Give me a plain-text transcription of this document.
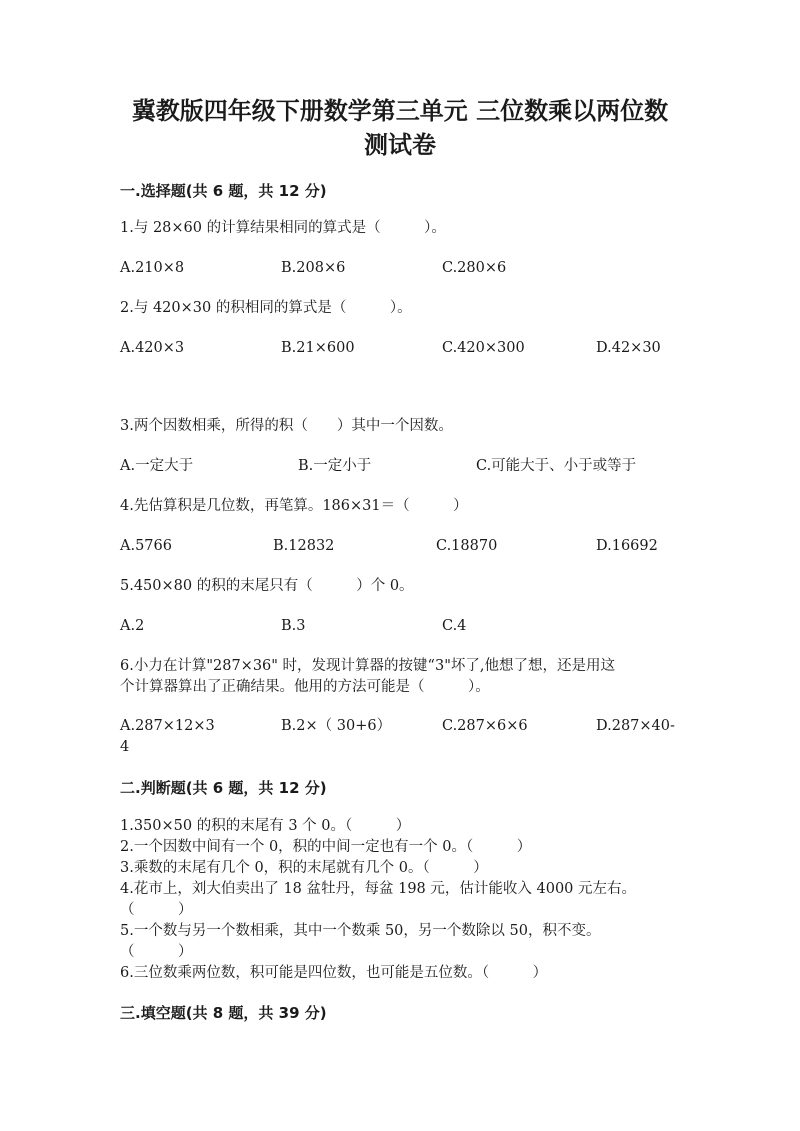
冀教版四年级下册数学第三单元 三位数乘以两位数
测试卷
一.选择题(共 6 题，共 12 分)
1.与 28×60 的计算结果相同的算式是（　　　）。
A.210×8	B.208×6	C.280×6
2.与 420×30 的积相同的算式是（　　　）。
A.420×3	B.21×600	C.420×300	D.42×30
3.两个因数相乘，所得的积（　　）其中一个因数。
A.一定大于	B.一定小于	C.可能大于、小于或等于
4.先估算积是几位数，再笔算。186×31＝（　　　）
A.5766	B.12832	C.18870	D.16692
5.450×80 的积的末尾只有（　　　）个 0。
A.2	B.3	C.4
6.小力在计算"287×36" 时，发现计算器的按键“3"坏了,他想了想，还是用这
个计算器算出了正确结果。他用的方法可能是（　　　）。
A.287×12×3	B.2×（ 30+6）	C.287×6×6	D.287×40-
4
二.判断题(共 6 题，共 12 分)
1.350×50 的积的末尾有 3 个 0。（　　　）
2.一个因数中间有一个 0，积的中间一定也有一个 0。（　　　）
3.乘数的末尾有几个 0，积的末尾就有几个 0。（　　　）
4.花市上，刘大伯卖出了 18 盆牡丹，每盆 198 元，估计能收入 4000 元左右。
（　　　）
5.一个数与另一个数相乘，其中一个数乘 50，另一个数除以 50，积不变。
（　　　）
6.三位数乘两位数，积可能是四位数，也可能是五位数。（　　　）
三.填空题(共 8 题，共 39 分)
